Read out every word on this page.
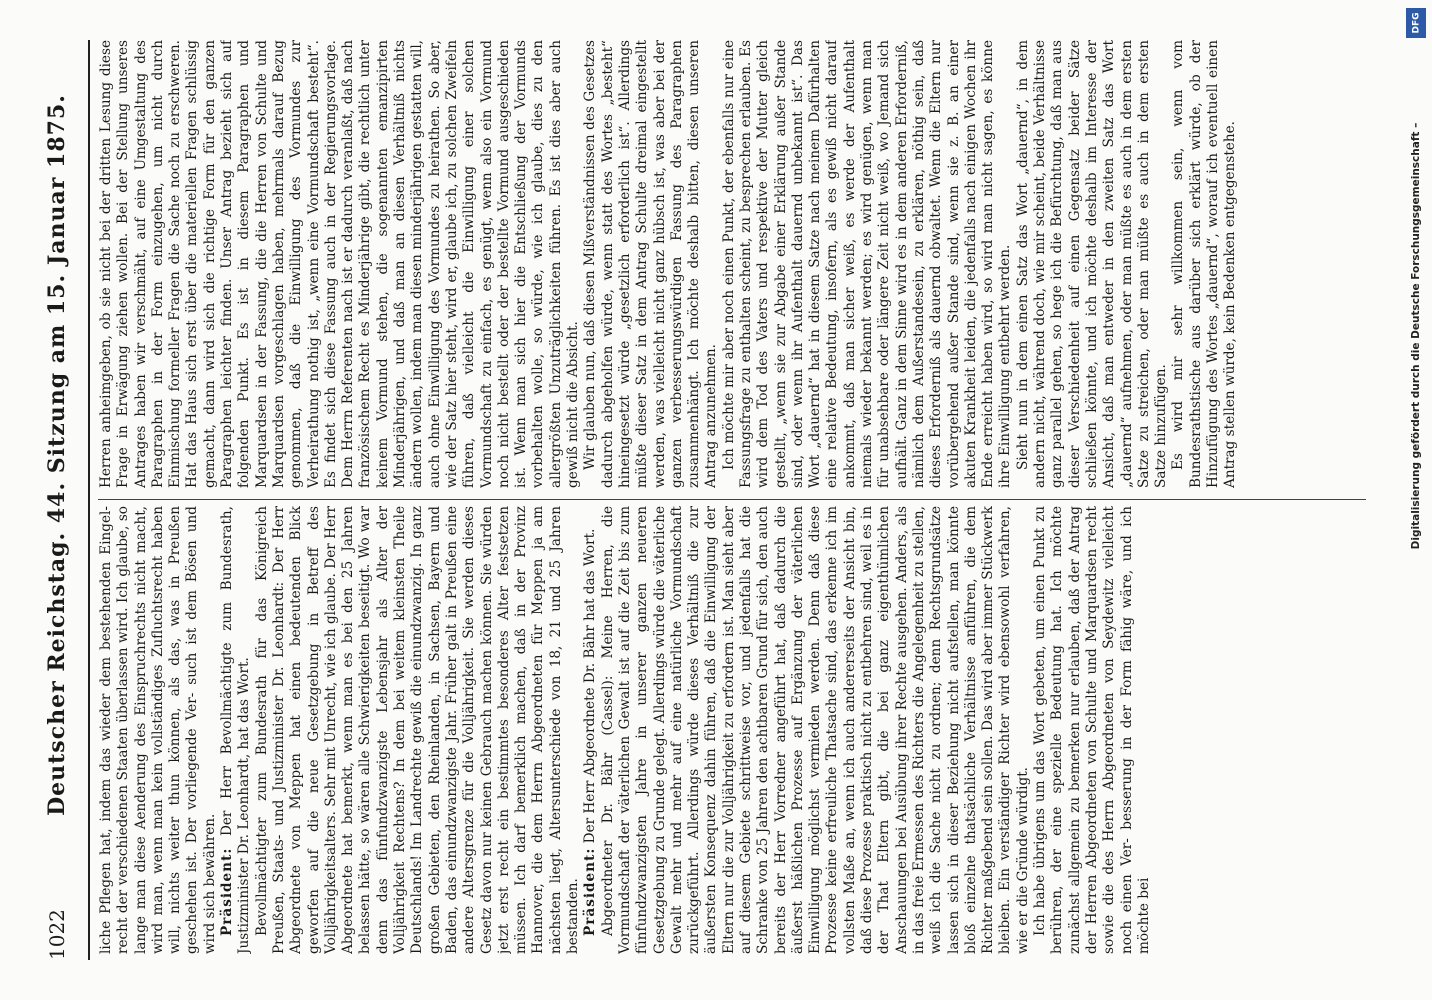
1022
Deutscher Reichstag. 44. Sitzung am 15. Januar 1875. liche Pflegen hat, indem das wieder dem bestehenden Eingel- recht der verschiedenen Staaten überlassen wird. Ich glaube, so lange man diese Aenderung des Einspruchrechts nicht macht, wird man, wenn man kein vollständiges Zufluchtsrecht haben will, nichts weiter thun können, als das, was in Preußen geschehen ist. Der vorliegende Ver- such ist dem Bösen und wird sich bewähren. Präsident: Der Herr Bevollmächtigte zum Bundesrath, Justizminister Dr. Leonhardt, hat das Wort. Bevollmächtigter zum Bundesrath für das Königreich Preußen, Staats- und Justizminister Dr. Leonhardt: Der Herr Abgeordnete von Meppen hat einen bedeutenden Blick geworfen auf die neue Gesetzgebung in Betreff des Volljährigkeitsalters. Sehr mit Unrecht, wie ich glaube. Der Herr Abgeordnete hat bemerkt, wenn man es bei den 25 Jahren belassen hätte, so wären alle Schwierigkeiten beseitigt. Wo war denn das fünfundzwanzigste Lebensjahr als Alter der Volljährigkeit Rechtens? In dem bei weitem kleinsten Theile Deutschlands! Im Landrechte gewiß die einundzwanzig. In ganz großen Gebieten, den Rheinlanden, in Sachsen, Bayern und Baden, das einundzwanzigste Jahr. Früher galt in Preußen eine andere Altersgrenze für die Volljährigkeit. Sie werden dieses Gesetz davon nur keinen Gebrauch machen können. Sie würden jetzt erst recht ein bestimmtes besonderes Alter festsetzen müssen. Ich darf bemerklich machen, daß in der Provinz Hannover, die dem Herrn Abgeordneten für Meppen ja am nächsten liegt, Altersunterschiede von 18, 21 und 25 Jahren bestanden. Präsident: Der Herr Abgeordnete Dr. Bähr hat das Wort. Abgeordneter Dr. Bähr (Cassel): Meine Herren, die Vormundschaft der väterlichen Gewalt ist auf die Zeit bis zum fünfundzwanzigsten Jahre in unserer ganzen neueren Gesetzgebung zu Grunde gelegt. Allerdings würde die väterliche Gewalt mehr und mehr auf eine natürliche Vormundschaft zurückgeführt. Allerdings würde dieses Verhältniß die zur äußersten Konsequenz dahin führen, daß die Einwilligung der Eltern nur die zur Volljährigkeit zu erfordern ist. Man sieht aber auf diesem Gebiete schrittweise vor, und jedenfalls hat die Schranke von 25 Jahren den achtbaren Grund für sich, den auch bereits der Herr Vorredner angeführt hat, daß dadurch die äußerst häßlichen Prozesse auf Ergänzung der väterlichen Einwilligung möglichst vermieden werden. Denn daß diese Prozesse keine erfreuliche Thatsache sind, das erkenne ich im vollsten Maße an, wenn ich auch andererseits der Ansicht bin, daß diese Prozesse praktisch nicht zu entbehren sind, weil es in der That Eltern gibt, die bei ganz eigenthümlichen Anschauungen bei Ausübung ihrer Rechte ausgehen. Anders, als in das freie Ermessen des Richters die Angelegenheit zu stellen, weiß ich die Sache nicht zu ordnen; denn Rechtsgrundsätze lassen sich in dieser Beziehung nicht aufstellen, man könnte bloß einzelne thatsächliche Verhältnisse anführen, die dem Richter maßgebend sein sollen. Das wird aber immer Stückwerk bleiben. Ein verständiger Richter wird ebensowohl verfahren, wie er die Gründe würdigt. Ich habe übrigens um das Wort gebeten, um einen Punkt zu berühren, der eine spezielle Bedeutung hat. Ich möchte zunächst allgemein zu bemerken nur erlauben, daß der Antrag der Herren Abgeordneten von Schulte und Marquardsen recht sowie die des Herrn Abgeordneten von Seydewitz vielleicht noch einen Ver- besserung in der Form fähig wäre, und ich möchte bei

Herren anheimgeben, ob sie nicht bei der dritten Lesung diese Frage in Erwägung ziehen wollen. Bei der Stellung unseres Antrages haben wir verschmäht, auf eine Umgestaltung des Paragraphen in der Form einzugehen, um nicht durch Einmischung formeller Fragen die Sache noch zu erschweren. Hat das Haus sich erst über die materiellen Fragen schlüssig gemacht, dann wird sich die richtige Form für den ganzen Paragraphen leichter finden. Unser Antrag bezieht sich auf folgenden Punkt. Es ist in diesem Paragraphen und Marquardsen in der Fassung, die die Herren von Schulte und Marquardsen vorgeschlagen haben, mehrmals darauf Bezug genommen, daß die Einwilligung des Vormundes zur Verheirathung nothig ist, „wenn eine Vormundschaft besteht“. Es findet sich diese Fassung auch in der Regierungsvorlage. Dem Herrn Referenten nach ist er dadurch veranlaßt, daß nach französischem Recht es Minderjährige gibt, die rechtlich unter keinem Vormund stehen, die sogenannten emanzipirten Minderjährigen, und daß man an diesen Verhältniß nichts ändern wollen, indem man diesen minderjährigen gestatten will, auch ohne Einwilligung des Vormundes zu heirathen. So aber, wie der Satz hier steht, wird er, glaube ich, zu solchen Zweifeln führen, daß vielleicht die Einwilligung einer solchen Vormundschaft zu einfach, es genügt, wenn also ein Vormund noch nicht bestellt oder der bestellte Vormund ausgeschieden ist. Wenn man sich hier die Entschließung der Vormunds vorbehalten wolle, so würde, wie ich glaube, dies zu den allergrößten Unzuträglichkeiten führen. Es ist dies aber auch gewiß nicht die Absicht. Wir glauben nun, daß diesen Mißverständnissen des Gesetzes dadurch abgeholfen würde, wenn statt des Wortes „besteht“ hineingesetzt würde „gesetzlich erforderlich ist“. Allerdings müßte dieser Satz in dem Antrag Schulte dreimal eingestellt werden, was vielleicht nicht ganz hübsch ist, was aber bei der ganzen verbesserungswürdigen Fassung des Paragraphen zusammenhängt. Ich möchte deshalb bitten, diesen unseren Antrag anzunehmen. Ich möchte mir aber noch einen Punkt, der ebenfalls nur eine Fassungsfrage zu enthalten scheint, zu besprechen erlauben. Es wird dem Tod des Vaters und respektive der Mutter gleich gestellt, „wenn sie zur Abgabe einer Erklärung außer Stande sind, oder wenn ihr Aufenthalt dauernd unbekannt ist“. Das Wort „dauernd“ hat in diesem Satze nach meinem Dafürhalten eine relative Bedeutung, insofern, als es gewiß nicht darauf ankommt, daß man sicher weiß, es werde der Aufenthalt niemals wieder bekannt werden; es wird genügen, wenn man für unabsehbare oder längere Zeit nicht weiß, wo Jemand sich aufhält. Ganz in dem Sinne wird es in dem anderen Erforderniß, nämlich dem Außerstandesein, zu erklären, nöthig sein, daß dieses Erforderniß als dauernd obwaltet. Wenn die Eltern nur vorübergehend außer Stande sind, wenn sie z. B. an einer akuten Krankheit leiden, die jedenfalls nach einigen Wochen ihr Ende erreicht haben wird, so wird man nicht sagen, es könne ihre Einwilligung entbehrt werden. Sieht nun in dem einen Satz das Wort „dauernd“, in dem andern nicht, während doch, wie mir scheint, beide Verhältnisse ganz parallel gehen, so hege ich die Befürchtung, daß man aus dieser Verschiedenheit auf einen Gegensatz beider Sätze schließen könnte, und ich möchte deshalb im Interesse der Ansicht, daß man entweder in den zweiten Satz das Wort „dauernd“ aufnehmen, oder man müßte es auch in dem ersten Satze zu streichen, oder man müßte es auch in dem ersten Satze hinzufügen. Es wird mir sehr willkommen sein, wenn vom Bundesrathstische aus darüber sich erklärt würde, ob der Hinzufügung des Wortes „dauernd“, worauf ich eventuell einen Antrag stellen würde, kein Bedenken entgegenstehe.

DFG
Digitalisierung gefördert durch die Deutsche Forschungsgemeinschaft –
